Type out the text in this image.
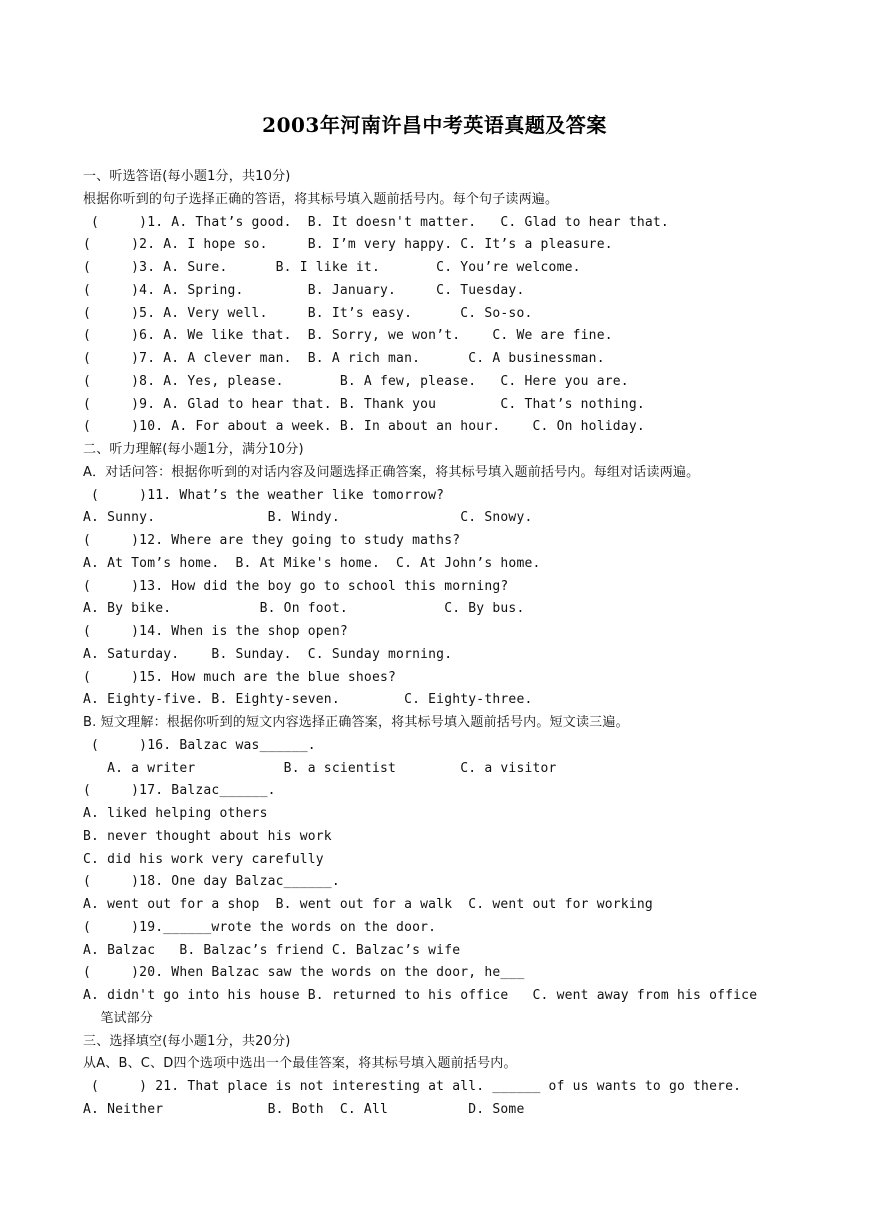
2003年河南许昌中考英语真题及答案
一、听选答语(每小题1分，共10分)
根据你听到的句子选择正确的答语，将其标号填入题前括号内。每个句子读两遍。
(     )1. A. That’s good.  B. It doesn't matter.   C. Glad to hear that.
(     )2. A. I hope so.     B. I’m very happy. C. It’s a pleasure.
(     )3. A. Sure.      B. I like it.       C. You’re welcome.
(     )4. A. Spring.        B. January.     C. Tuesday.
(     )5. A. Very well.     B. It’s easy.      C. So-so.
(     )6. A. We like that.  B. Sorry, we won’t.    C. We are fine.
(     )7. A. A clever man.  B. A rich man.      C. A businessman.
(     )8. A. Yes, please.       B. A few, please.   C. Here you are.
(     )9. A. Glad to hear that. B. Thank you        C. That’s nothing.
(     )10. A. For about a week. B. In about an hour.    C. On holiday.
二、听力理解(每小题1分，满分10分)
A．对话问答：根据你听到的对话内容及问题选择正确答案，将其标号填入题前括号内。每组对话读两遍。
(     )11. What’s the weather like tomorrow?
A. Sunny.              B. Windy.               C. Snowy.
(     )12. Where are they going to study maths?
A. At Tom’s home.  B. At Mike's home.  C. At John’s home.
(     )13. How did the boy go to school this morning?
A. By bike.           B. On foot.            C. By bus.
(     )14. When is the shop open?
A. Saturday.    B. Sunday.  C. Sunday morning.
(     )15. How much are the blue shoes?
A. Eighty-five. B. Eighty-seven.        C. Eighty-three.
B. 短文理解：根据你听到的短文内容选择正确答案，将其标号填入题前括号内。短文读三遍。
(     )16. Balzac was______.
A. a writer           B. a scientist        C. a visitor
(     )17. Balzac______.
A. liked helping others
B. never thought about his work
C. did his work very carefully
(     )18. One day Balzac______.
A. went out for a shop  B. went out for a walk  C. went out for working
(     )19.______wrote the words on the door.
A. Balzac   B. Balzac’s friend C. Balzac’s wife
(     )20. When Balzac saw the words on the door, he___
A. didn't go into his house B. returned to his office   C. went away from his office
笔试部分
三、选择填空(每小题1分，共20分)
从A、B、C、D四个选项中选出一个最佳答案，将其标号填入题前括号内。
(     ) 21. That place is not interesting at all. ______ of us wants to go there.
A. Neither             B. Both  C. All          D. Some
